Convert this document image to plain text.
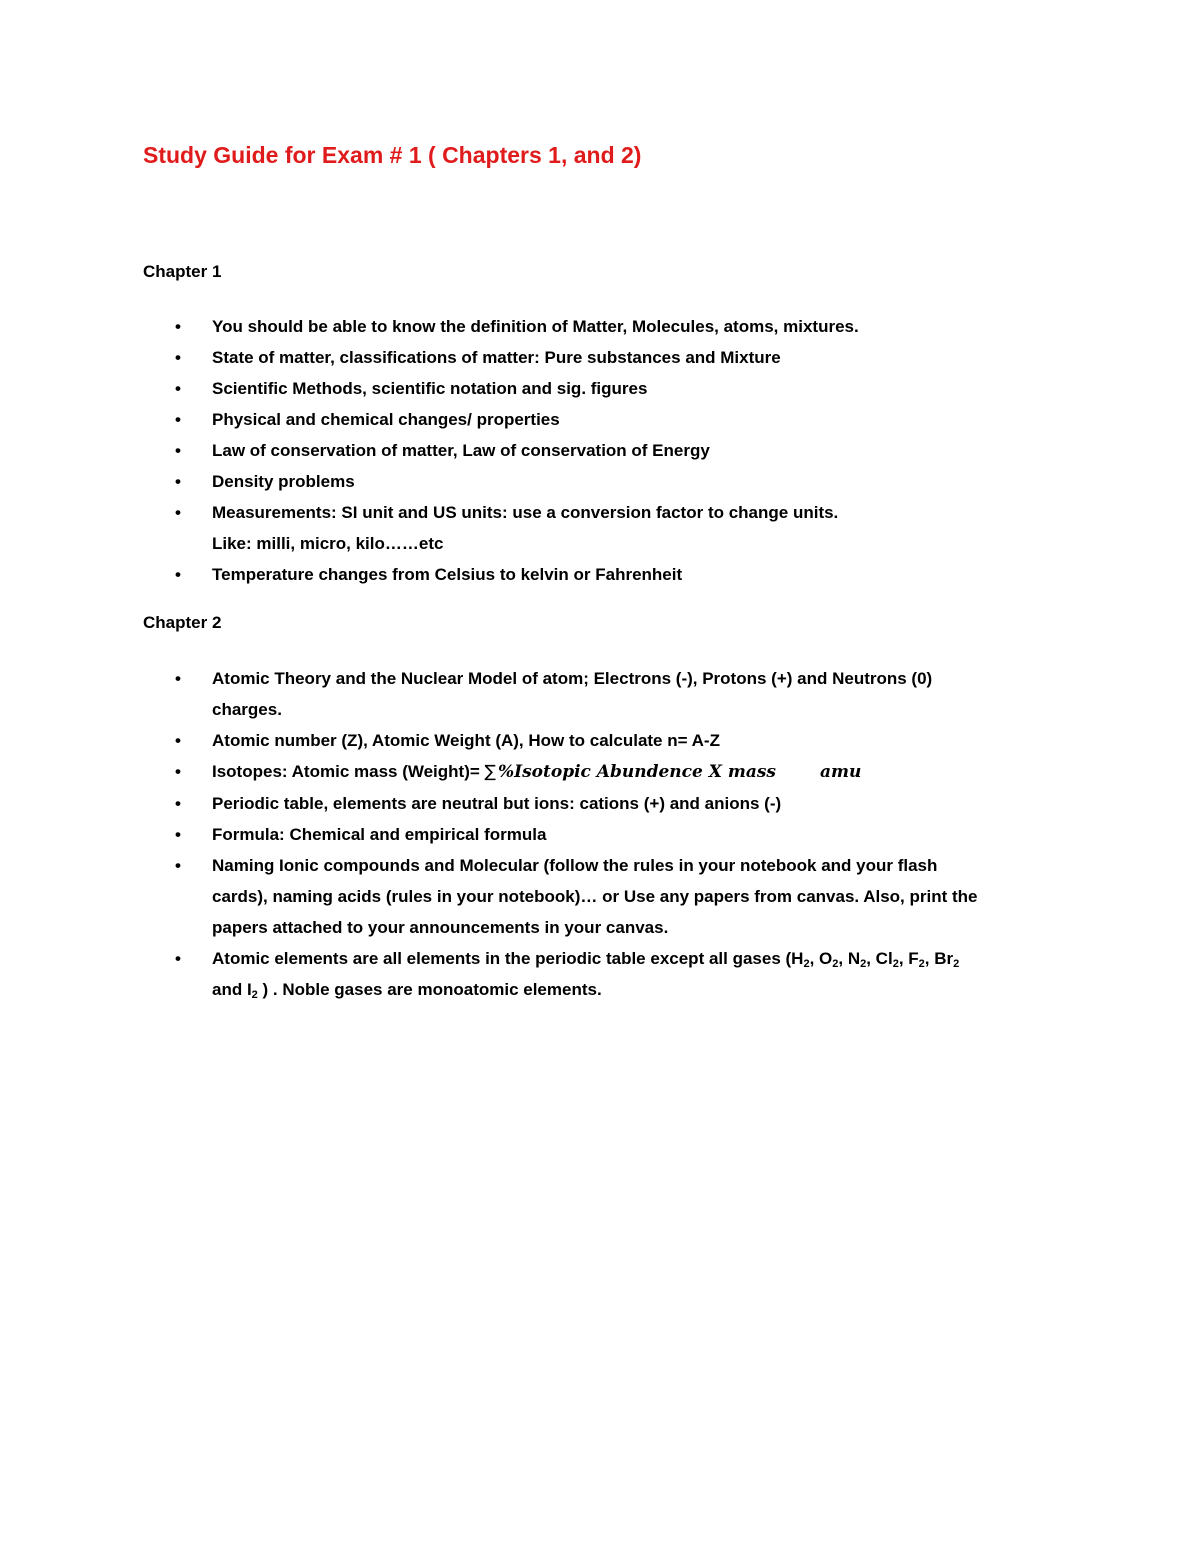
Study Guide for Exam # 1 ( Chapters 1, and 2)
Chapter 1
• You should be able to know the definition of Matter, Molecules, atoms, mixtures.
• State of matter, classifications of matter: Pure substances and Mixture
• Scientific Methods, scientific notation and sig. figures
• Physical and chemical changes/ properties
• Law of conservation of matter, Law of conservation of Energy
• Density problems
• Measurements: SI unit and US units: use a conversion factor to change units.
Like: milli, micro, kilo……etc
• Temperature changes from Celsius to kelvin or Fahrenheit
Chapter 2
• Atomic Theory and the Nuclear Model of atom; Electrons (-), Protons (+) and Neutrons (0)
charges.
• Atomic number (Z), Atomic Weight (A), How to calculate n= A-Z
• Isotopes: Atomic mass (Weight)= ∑ %Isotopic Abundence X mass	amu
• Periodic table, elements are neutral but ions: cations (+) and anions (-)
• Formula: Chemical and empirical formula
• Naming Ionic compounds and Molecular (follow the rules in your notebook and your flash
cards), naming acids (rules in your notebook)… or Use any papers from canvas. Also, print the
papers attached to your announcements in your canvas.
• Atomic elements are all elements in the periodic table except all gases ($H_2$, $O_2$, $N_2$, $Cl_2$, $F_2$, $Br_2$
and $I_2$ ) . Noble gases are monoatomic elements.
